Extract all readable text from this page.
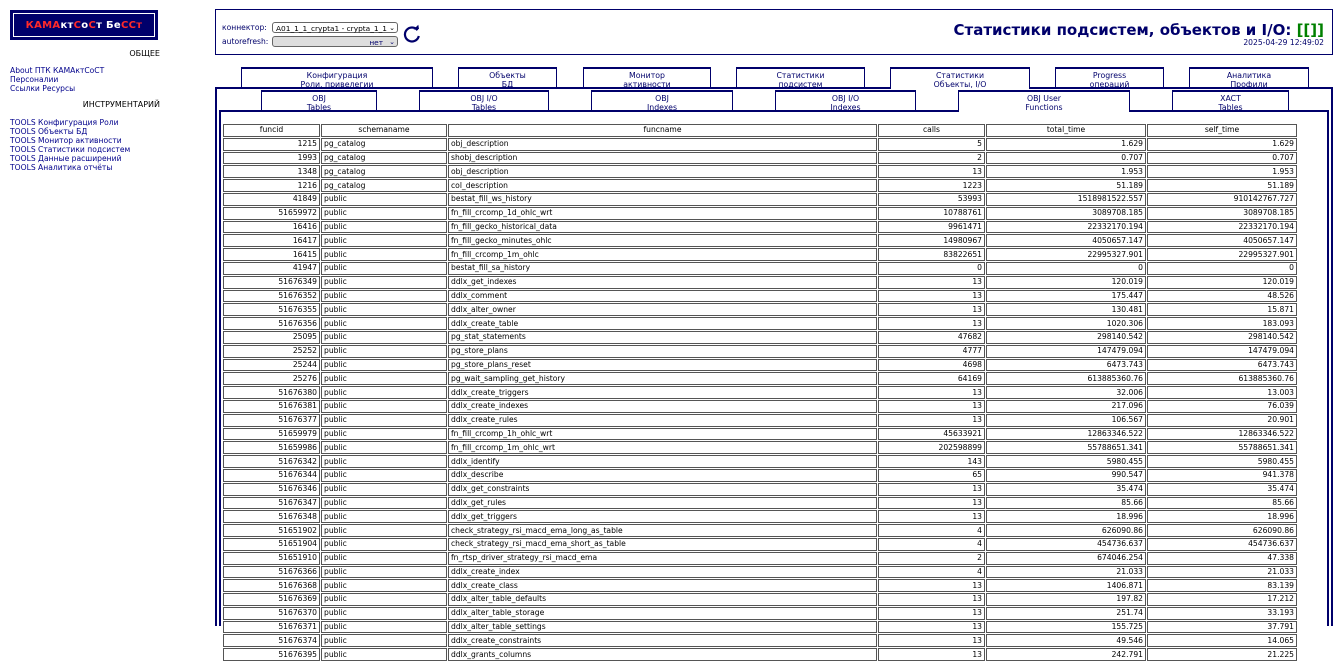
КАМА кт С о С т Бе ССт
ОБЩЕЕ
About ПТК КАМАктСоСТ
Персоналии
Ссылки Ресурсы
ИНСТРУМЕНТАРИЙ
TOOLS Конфигурация Роли
TOOLS Объекты БД
TOOLS Монитор активности
TOOLS Статистики подсистем
TOOLS Данные расширений
TOOLS Аналитика отчёты
коннектор:	A01_1_1_crypta1 - crypta_1_1 ⌄
autorefresh:	нет ⌄
Статистики подсистем, объектов и I/O: [[]]
2025-04-29 12:49:02
Конфигурация
Роли, привелегии
Объекты
БД
Монитор
активности
Статистики
подсистем
Статистики
Объекты, I/O
Progress
операций
Аналитика
Профили
OBJ
Tables
OBJ I/O
Tables
OBJ
Indexes
OBJ I/O
Indexes
OBJ User
Functions
XACT
Tables
funcid	schemaname	funcname	calls	total_time	self_time
1215	pg_catalog	obj_description	5	1.629	1.629
1993	pg_catalog	shobj_description	2	0.707	0.707
1348	pg_catalog	obj_description	13	1.953	1.953
1216	pg_catalog	col_description	1223	51.189	51.189
41849	public	bestat_fill_ws_history	53993	1518981522.557	910142767.727
51659972	public	fn_fill_crcomp_1d_ohlc_wrt	10788761	3089708.185	3089708.185
16416	public	fn_fill_gecko_historical_data	9961471	22332170.194	22332170.194
16417	public	fn_fill_gecko_minutes_ohlc	14980967	4050657.147	4050657.147
16415	public	fn_fill_crcomp_1m_ohlc	83822651	22995327.901	22995327.901
41947	public	bestat_fill_sa_history	0	0	0
51676349	public	ddlx_get_indexes	13	120.019	120.019
51676352	public	ddlx_comment	13	175.447	48.526
51676355	public	ddlx_alter_owner	13	130.481	15.871
51676356	public	ddlx_create_table	13	1020.306	183.093
25095	public	pg_stat_statements	47682	298140.542	298140.542
25252	public	pg_store_plans	4777	147479.094	147479.094
25244	public	pg_store_plans_reset	4698	6473.743	6473.743
25276	public	pg_wait_sampling_get_history	64169	613885360.76	613885360.76
51676380	public	ddlx_create_triggers	13	32.006	13.003
51676381	public	ddlx_create_indexes	13	217.096	76.039
51676377	public	ddlx_create_rules	13	106.567	20.901
51659979	public	fn_fill_crcomp_1h_ohlc_wrt	45633921	12863346.522	12863346.522
51659986	public	fn_fill_crcomp_1m_ohlc_wrt	202598899	55788651.341	55788651.341
51676342	public	ddlx_identify	143	5980.455	5980.455
51676344	public	ddlx_describe	65	990.547	941.378
51676346	public	ddlx_get_constraints	13	35.474	35.474
51676347	public	ddlx_get_rules	13	85.66	85.66
51676348	public	ddlx_get_triggers	13	18.996	18.996
51651902	public	check_strategy_rsi_macd_ema_long_as_table	4	626090.86	626090.86
51651904	public	check_strategy_rsi_macd_ema_short_as_table	4	454736.637	454736.637
51651910	public	fn_rtsp_driver_strategy_rsi_macd_ema	2	674046.254	47.338
51676366	public	ddlx_create_index	4	21.033	21.033
51676368	public	ddlx_create_class	13	1406.871	83.139
51676369	public	ddlx_alter_table_defaults	13	197.82	17.212
51676370	public	ddlx_alter_table_storage	13	251.74	33.193
51676371	public	ddlx_alter_table_settings	13	155.725	37.791
51676374	public	ddlx_create_constraints	13	49.546	14.065
51676395	public	ddlx_grants_columns	13	242.791	21.225
